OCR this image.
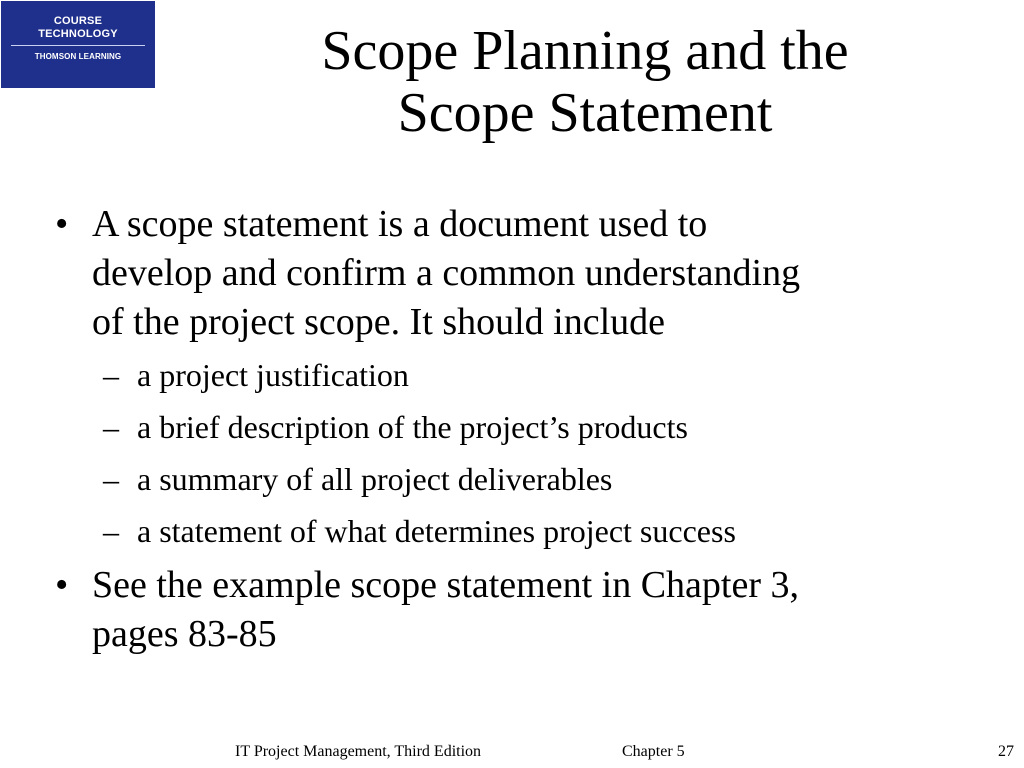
COURSE
TECHNOLOGY
THOMSON LEARNING	Scope Planning and the
Scope Statement
• A scope statement is a document used to
develop and confirm a common understanding
of the project scope. It should include
– a project justification
– a brief description of the project’s products
– a summary of all project deliverables
– a statement of what determines project success
• See the example scope statement in Chapter 3,
pages 83-85
IT Project Management, Third Edition	Chapter 5	27
